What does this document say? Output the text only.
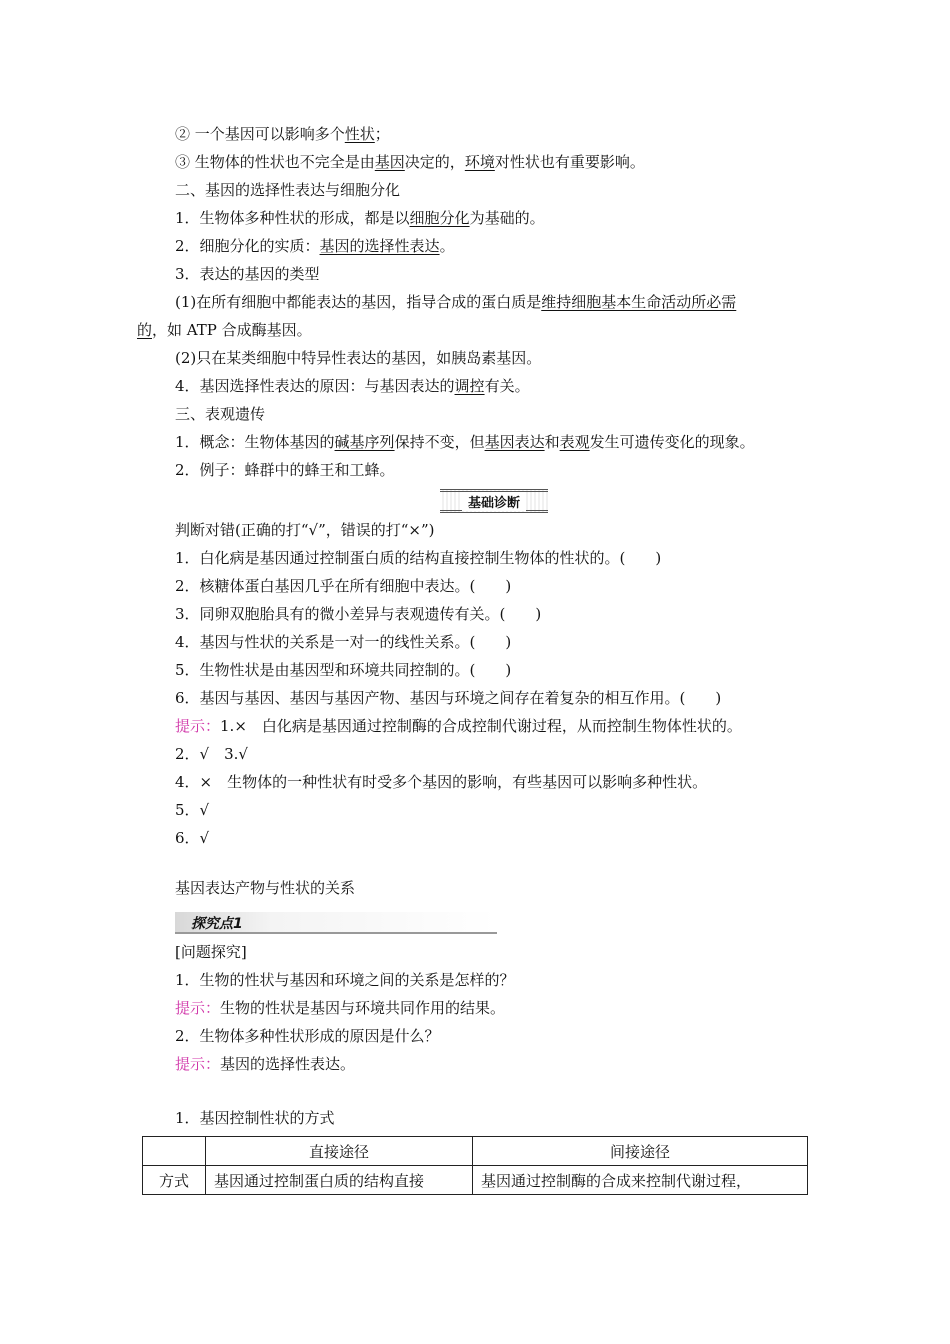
② 一个基因可以影响多个性状；
③ 生物体的性状也不完全是由基因决定的，环境对性状也有重要影响。
二、基因的选择性表达与细胞分化
1．生物体多种性状的形成，都是以细胞分化为基础的。
2．细胞分化的实质：基因的选择性表达。
3．表达的基因的类型
(1)在所有细胞中都能表达的基因，指导合成的蛋白质是维持细胞基本生命活动所必需
的，如 ATP 合成酶基因。
(2)只在某类细胞中特异性表达的基因，如胰岛素基因。
4．基因选择性表达的原因：与基因表达的调控有关。
三、表观遗传
1．概念：生物体基因的碱基序列保持不变，但基因表达和表观发生可遗传变化的现象。
2．例子：蜂群中的蜂王和工蜂。
基础诊断
判断对错(正确的打“√”，错误的打“×”)
1．白化病是基因通过控制蛋白质的结构直接控制生物体的性状的。(　　)
2．核糖体蛋白基因几乎在所有细胞中表达。(　　)
3．同卵双胞胎具有的微小差异与表观遗传有关。(　　)
4．基因与性状的关系是一对一的线性关系。(　　)
5．生物性状是由基因型和环境共同控制的。(　　)
6．基因与基因、基因与基因产物、基因与环境之间存在着复杂的相互作用。(　　)
提示：1.×　白化病是基因通过控制酶的合成控制代谢过程，从而控制生物体性状的。
2．√　3.√
4．×　生物体的一种性状有时受多个基因的影响，有些基因可以影响多种性状。
5．√
6．√
基因表达产物与性状的关系
探究点1
[问题探究]
1．生物的性状与基因和环境之间的关系是怎样的？
提示：生物的性状是基因与环境共同作用的结果。
2．生物体多种性状形成的原因是什么？
提示：基因的选择性表达。
1．基因控制性状的方式
	直接途径	间接途径
方式	基因通过控制蛋白质的结构直接	基因通过控制酶的合成来控制代谢过程，
